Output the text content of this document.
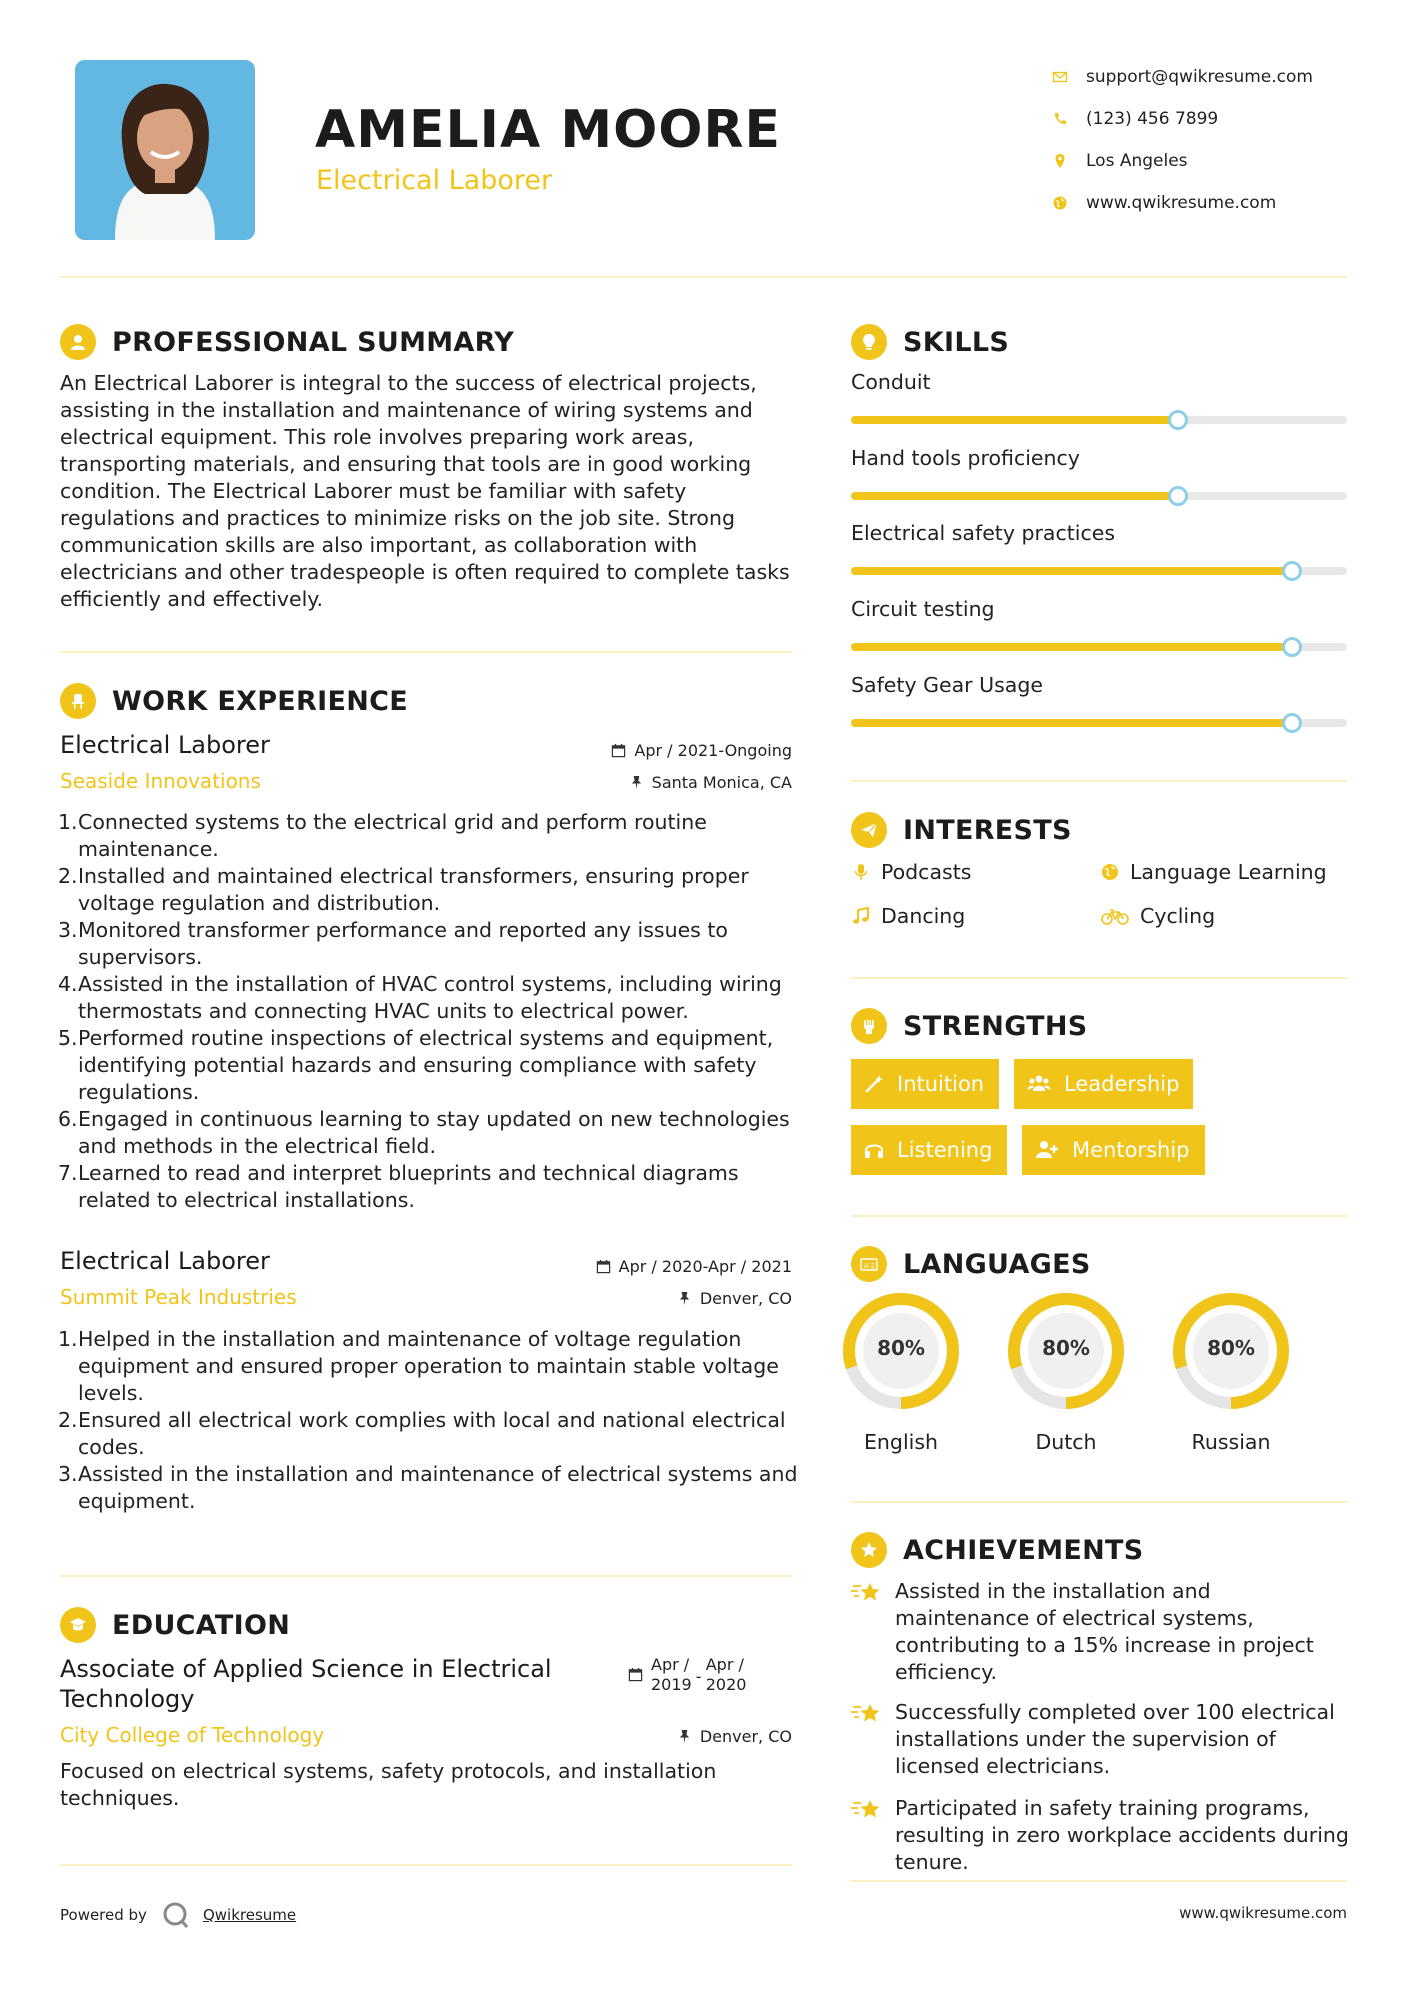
AMELIA MOORE
Electrical Laborer
support@qwikresume.com
(123) 456 7899
Los Angeles
www.qwikresume.com
PROFESSIONAL SUMMARY
An Electrical Laborer is integral to the success of electrical projects, assisting in the installation and maintenance of wiring systems and electrical equipment. This role involves preparing work areas, transporting materials, and ensuring that tools are in good working condition. The Electrical Laborer must be familiar with safety regulations and practices to minimize risks on the job site. Strong communication skills are also important, as collaboration with electricians and other tradespeople is often required to complete tasks efficiently and effectively.
WORK EXPERIENCE
Electrical Laborer
Seaside Innovations
Apr / 2021-Ongoing
Santa Monica, CA
1. Connected systems to the electrical grid and perform routine maintenance.
2. Installed and maintained electrical transformers, ensuring proper voltage regulation and distribution.
3. Monitored transformer performance and reported any issues to supervisors.
4. Assisted in the installation of HVAC control systems, including wiring thermostats and connecting HVAC units to electrical power.
5. Performed routine inspections of electrical systems and equipment, identifying potential hazards and ensuring compliance with safety regulations.
6. Engaged in continuous learning to stay updated on new technologies and methods in the electrical field.
7. Learned to read and interpret blueprints and technical diagrams related to electrical installations.
Electrical Laborer
Summit Peak Industries
Apr / 2020-Apr / 2021
Denver, CO
1. Helped in the installation and maintenance of voltage regulation equipment and ensured proper operation to maintain stable voltage levels.
2. Ensured all electrical work complies with local and national electrical codes.
3. Assisted in the installation and maintenance of electrical systems and equipment.
EDUCATION
Associate of Applied Science in Electrical Technology
City College of Technology
Apr /
2019 -
Apr /
2020
Denver, CO
Focused on electrical systems, safety protocols, and installation techniques.
SKILLS
Conduit
Hand tools proficiency
Electrical safety practices
Circuit testing
Safety Gear Usage
INTERESTS
Podcasts	Language Learning
Dancing	Cycling
STRENGTHS
Intuition	Leadership
Listening	Mentorship
A文 LANGUAGES
80%
English
80%
Dutch
80%
Russian
ACHIEVEMENTS
Assisted in the installation and maintenance of electrical systems, contributing to a 15% increase in project efficiency.
Successfully completed over 100 electrical installations under the supervision of licensed electricians.
Participated in safety training programs, resulting in zero workplace accidents during tenure.
Powered by	Qwikresume	www.qwikresume.com
